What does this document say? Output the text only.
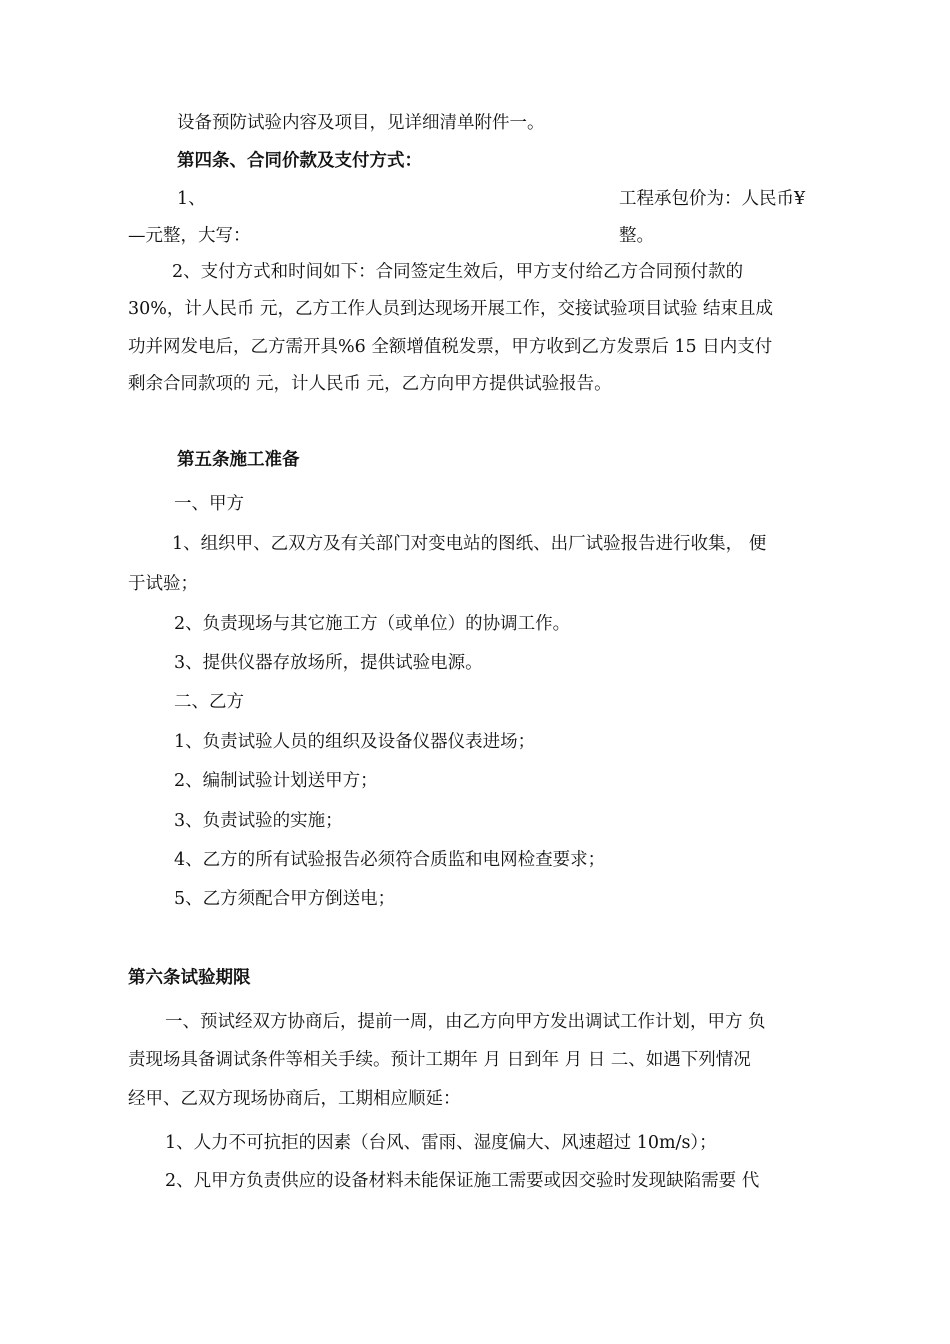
设备预防试验内容及项目，见详细清单附件一。
第四条、合同价款及支付方式：
1、	工程承包价为：人民币¥
—元整，大写：	整。
2、支付方式和时间如下：合同签定生效后，甲方支付给乙方合同预付款的
30%，计人民币 元，乙方工作人员到达现场开展工作，交接试验项目试验 结束且成
功并网发电后，乙方需开具%6 全额增值税发票，甲方收到乙方发票后 15 日内支付
剩余合同款项的 元，计人民币 元，乙方向甲方提供试验报告。
第五条施工准备
一、甲方
1、组织甲、乙双方及有关部门对变电站的图纸、出厂试验报告进行收集， 便
于试验；
2、负责现场与其它施工方（或单位）的协调工作。
3、提供仪器存放场所，提供试验电源。
二、乙方
1、负责试验人员的组织及设备仪器仪表进场；
2、编制试验计划送甲方；
3、负责试验的实施；
4、乙方的所有试验报告必须符合质监和电网检查要求；
5、乙方须配合甲方倒送电；
第六条试验期限
一、预试经双方协商后，提前一周，由乙方向甲方发出调试工作计划，甲方 负
责现场具备调试条件等相关手续。预计工期年 月 日到年 月 日 二、如遇下列情况
经甲、乙双方现场协商后，工期相应顺延：
1、人力不可抗拒的因素（台风、雷雨、湿度偏大、风速超过 10m/s）；
2、凡甲方负责供应的设备材料未能保证施工需要或因交验时发现缺陷需要 代
